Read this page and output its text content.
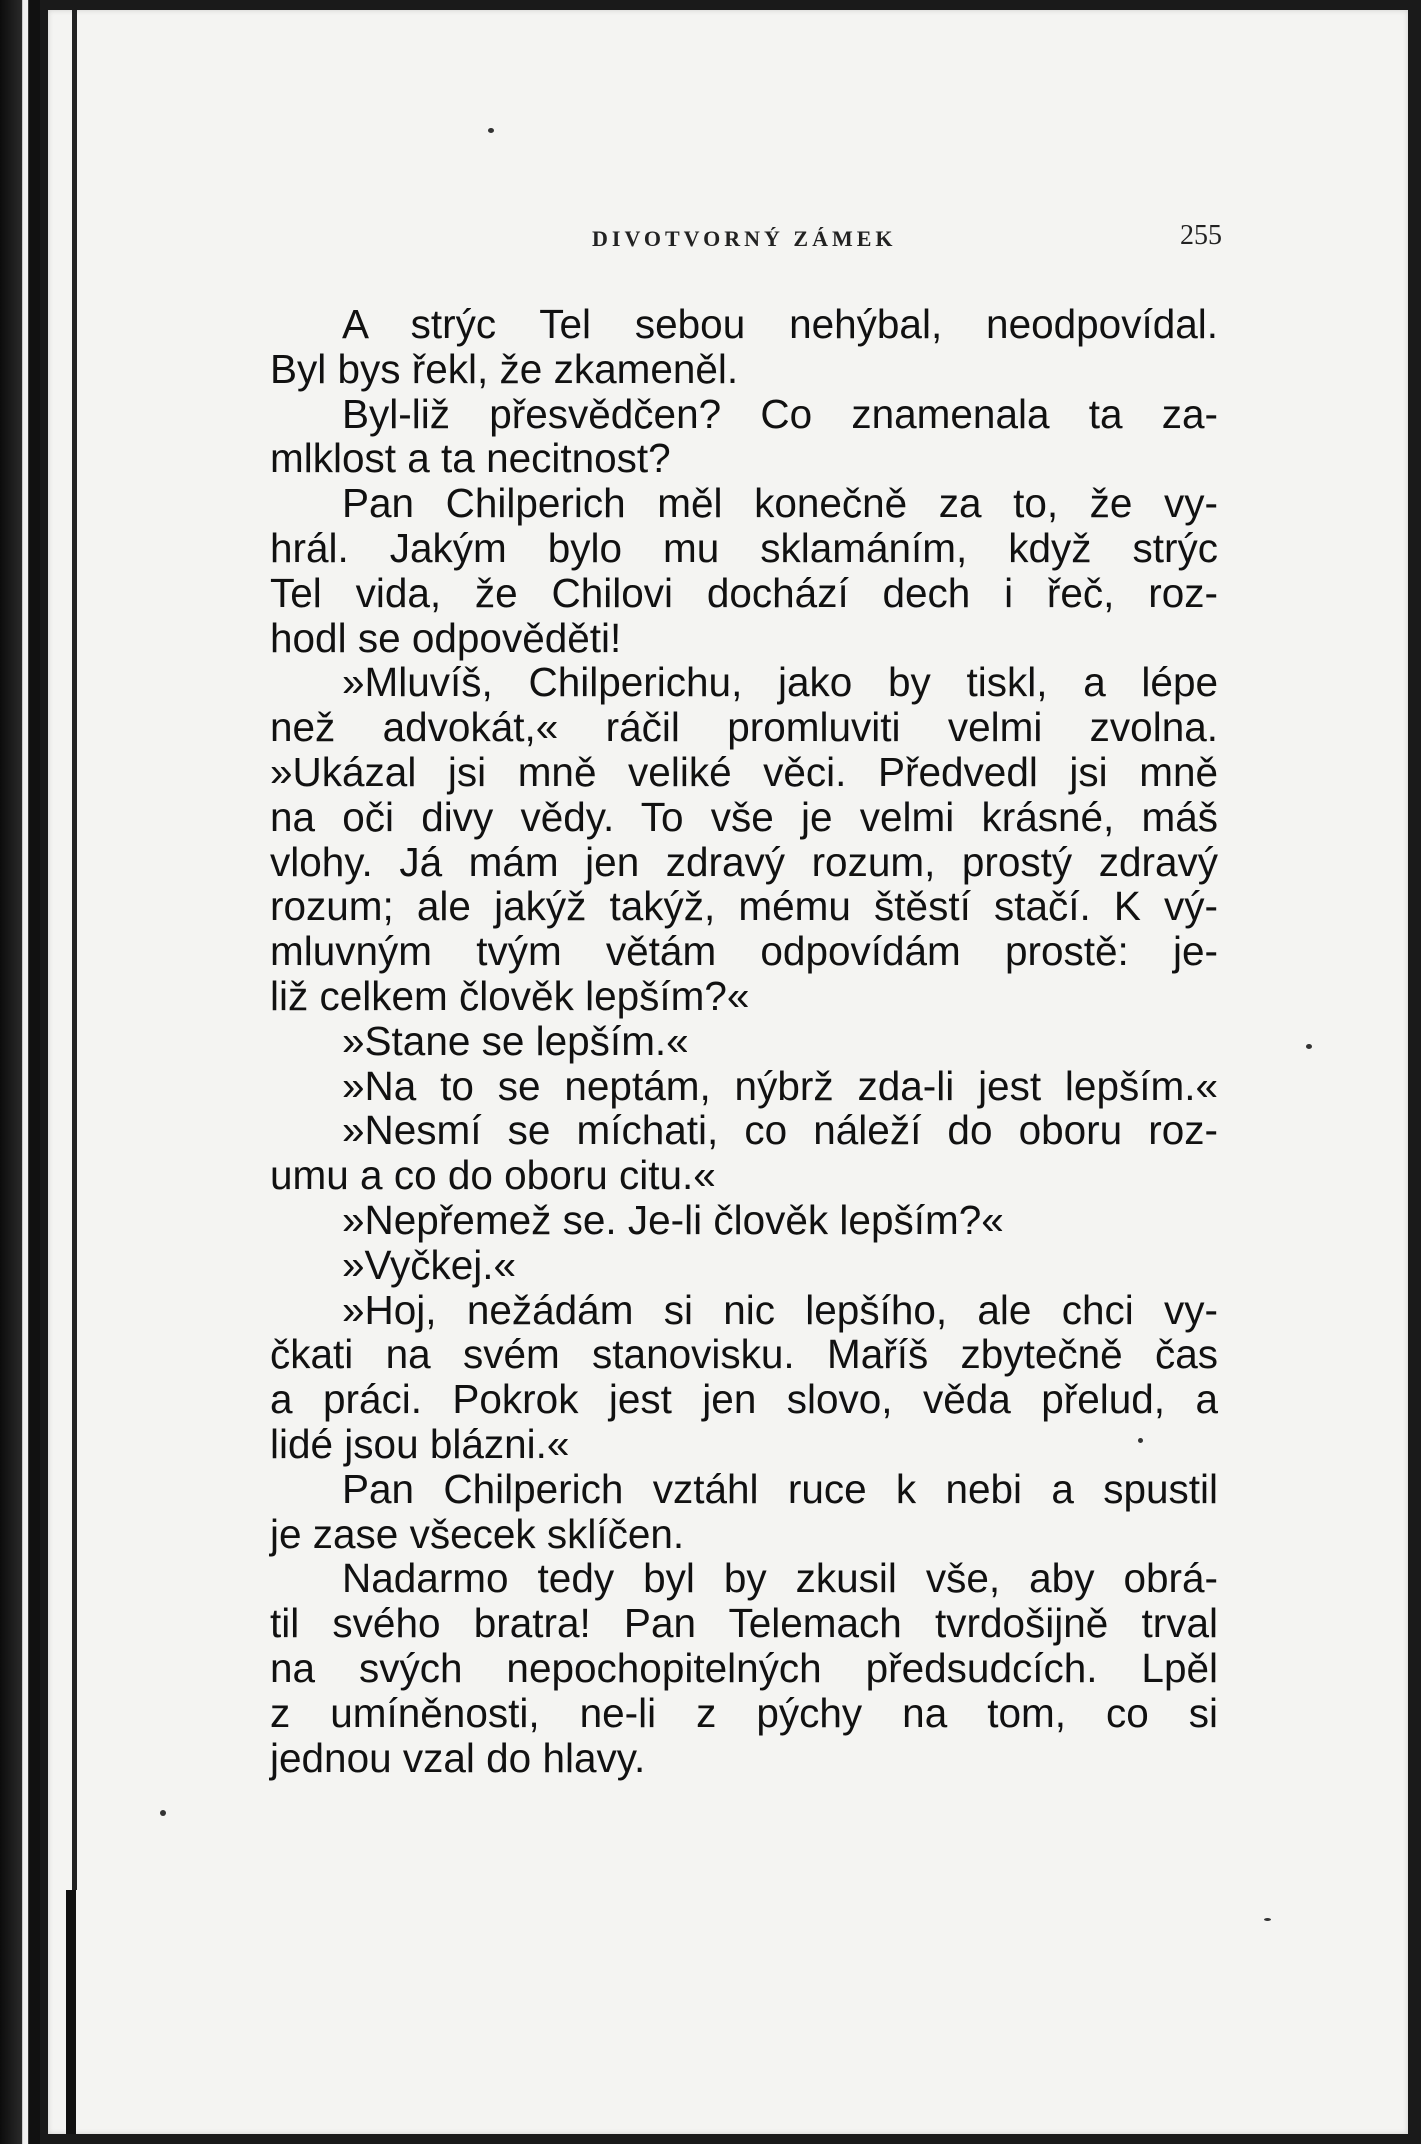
DIVOTVORNÝ ZÁMEK	255
A strýc Tel sebou nehýbal, neodpovídal.
Byl bys řekl, že zkameněl.
Byl-liž přesvědčen? Co znamenala ta za-
mlklost a ta necitnost?
Pan Chilperich měl konečně za to, že vy-
hrál. Jakým bylo mu sklamáním, když strýc
Tel vida, že Chilovi dochází dech i řeč, roz-
hodl se odpověděti!
»Mluvíš, Chilperichu, jako by tiskl, a lépe
než advokát,« ráčil promluviti velmi zvolna.
»Ukázal jsi mně veliké věci. Předvedl jsi mně
na oči divy vědy. To vše je velmi krásné, máš
vlohy. Já mám jen zdravý rozum, prostý zdravý
rozum; ale jakýž takýž, mému štěstí stačí. K vý-
mluvným tvým větám odpovídám prostě: je-
liž celkem člověk lepším?«
»Stane se lepším.«
»Na to se neptám, nýbrž zda-li jest lepším.«
»Nesmí se míchati, co náleží do oboru roz-
umu a co do oboru citu.«
»Nepřemež se. Je-li člověk lepším?«
»Vyčkej.«
»Hoj, nežádám si nic lepšího, ale chci vy-
čkati na svém stanovisku. Maříš zbytečně čas
a práci. Pokrok jest jen slovo, věda přelud, a
lidé jsou blázni.«
Pan Chilperich vztáhl ruce k nebi a spustil
je zase všecek sklíčen.
Nadarmo tedy byl by zkusil vše, aby obrá-
til svého bratra! Pan Telemach tvrdošijně trval
na svých nepochopitelných předsudcích. Lpěl
z umíněnosti, ne-li z pýchy na tom, co si
jednou vzal do hlavy.
